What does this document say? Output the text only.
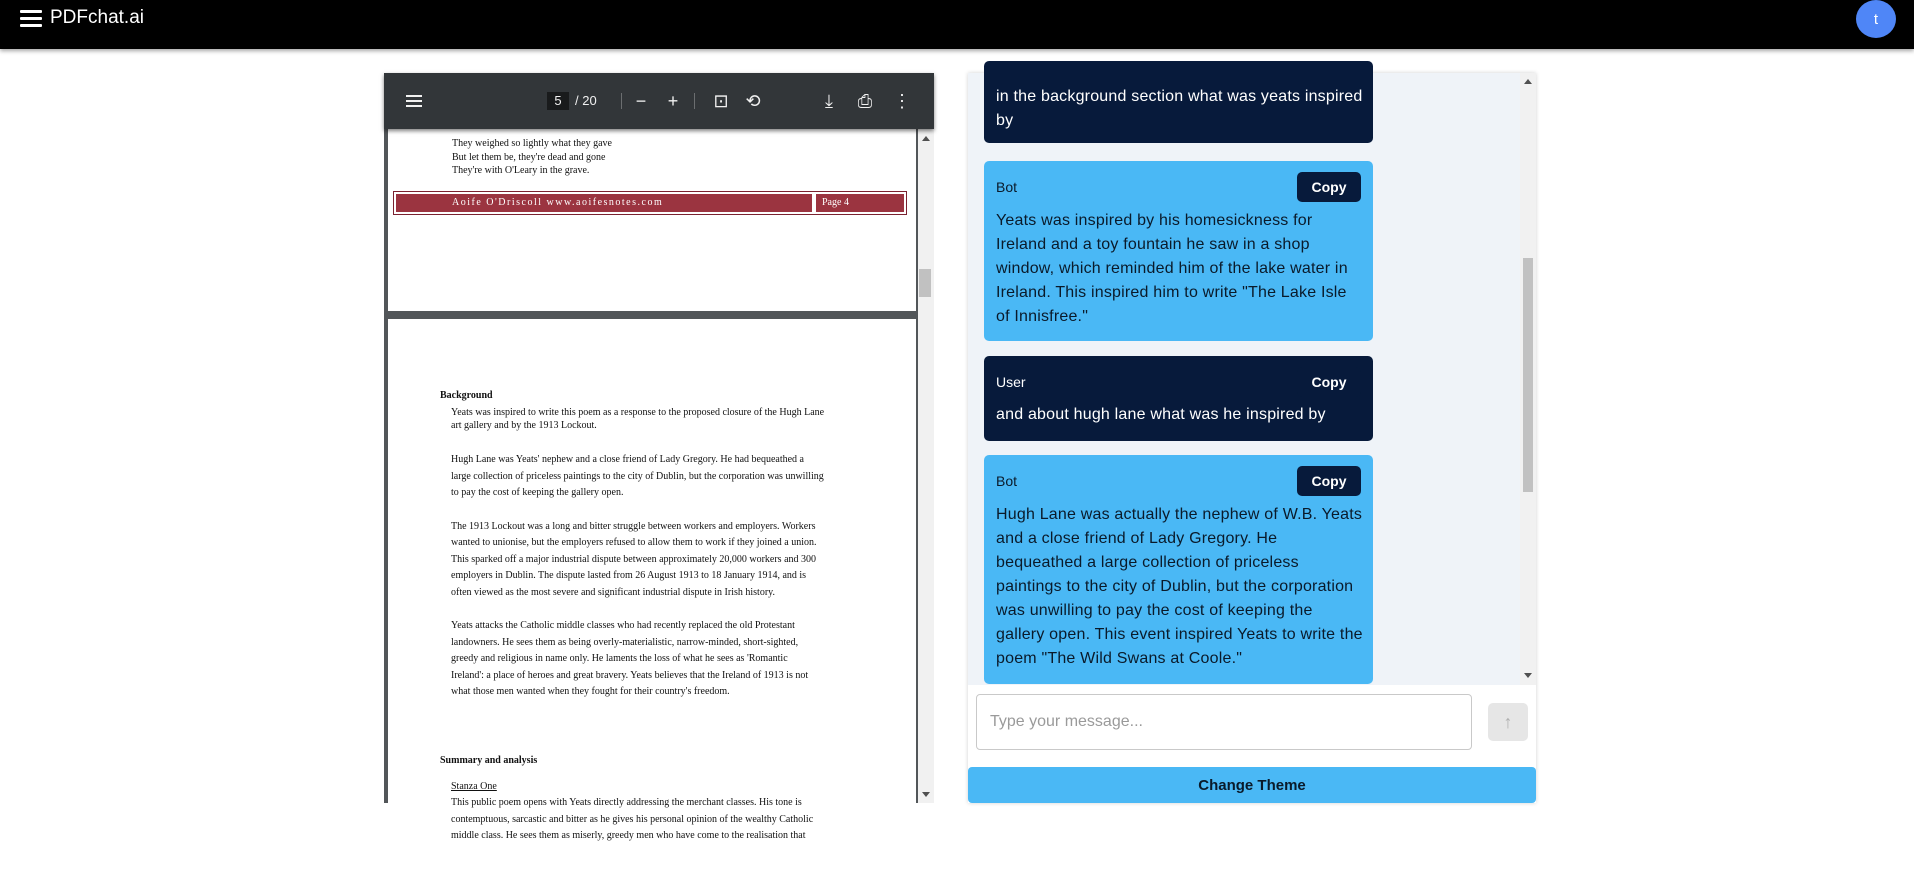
PDFchat.ai	t
5	/ 20	−	+	⊡ ⟲	⤓	⎙ ⋮
They weighed so lightly what they gave
But let them be, they're dead and gone
They're with O'Leary in the grave.
Aoife O'Driscoll www.aoifesnotes.com	Page 4
Background
Yeats was inspired to write this poem as a response to the proposed closure of the Hugh Lane
art gallery and by the 1913 Lockout.
Hugh Lane was Yeats' nephew and a close friend of Lady Gregory. He had bequeathed a
large collection of priceless paintings to the city of Dublin, but the corporation was unwilling
to pay the cost of keeping the gallery open.
The 1913 Lockout was a long and bitter struggle between workers and employers. Workers
wanted to unionise, but the employers refused to allow them to work if they joined a union.
This sparked off a major industrial dispute between approximately 20,000 workers and 300
employers in Dublin. The dispute lasted from 26 August 1913 to 18 January 1914, and is
often viewed as the most severe and significant industrial dispute in Irish history.
Yeats attacks the Catholic middle classes who had recently replaced the old Protestant
landowners. He sees them as being overly-materialistic, narrow-minded, short-sighted,
greedy and religious in name only. He laments the loss of what he sees as 'Romantic
Ireland': a place of heroes and great bravery. Yeats believes that the Ireland of 1913 is not
what those men wanted when they fought for their country's freedom.
Summary and analysis
Stanza One
This public poem opens with Yeats directly addressing the merchant classes. His tone is
contemptuous, sarcastic and bitter as he gives his personal opinion of the wealthy Catholic
middle class. He sees them as miserly, greedy men who have come to the realisation that
in the background section what was yeats inspired by
Bot	Copy
Yeats was inspired by his homesickness for Ireland and a toy fountain he saw in a shop window, which reminded him of the lake water in Ireland. This inspired him to write "The Lake Isle of Innisfree."
User	Copy
and about hugh lane what was he inspired by
Bot	Copy
Hugh Lane was actually the nephew of W.B. Yeats and a close friend of Lady Gregory. He bequeathed a large collection of priceless paintings to the city of Dublin, but the corporation was unwilling to pay the cost of keeping the gallery open. This event inspired Yeats to write the poem "The Wild Swans at Coole."
Type your message...	↑
Change Theme
